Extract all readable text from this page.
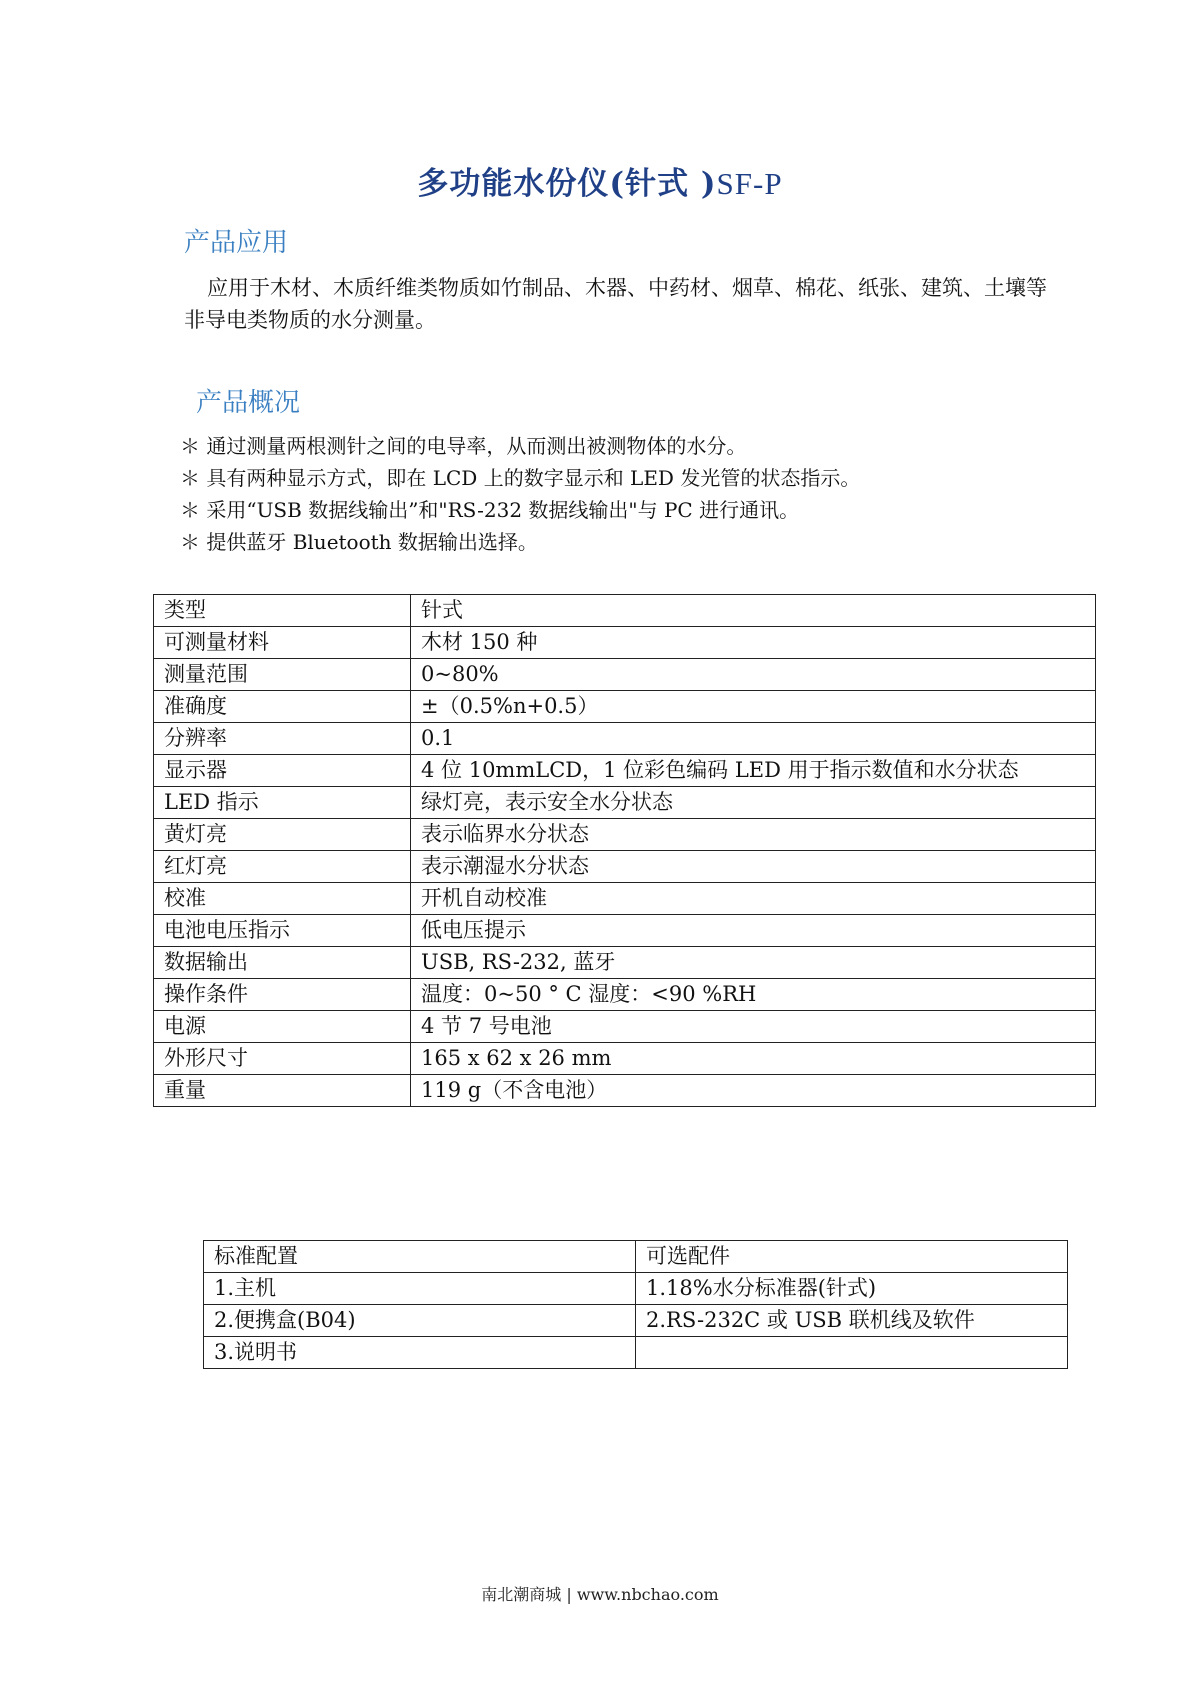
多功能水份仪(针式 )SF-P
产品应用
应用于木材、木质纤维类物质如竹制品、木器、中药材、烟草、棉花、纸张、建筑、土壤等非导电类物质的水分测量。
产品概况
＊ 通过测量两根测针之间的电导率，从而测出被测物体的水分。
＊ 具有两种显示方式，即在 LCD 上的数字显示和 LED 发光管的状态指示。
＊ 采用“USB 数据线输出”和"RS-232 数据线输出"与 PC 进行通讯。
＊ 提供蓝牙 Bluetooth 数据输出选择。
类型	针式
可测量材料	木材 150 种
测量范围	0~80%
准确度	±（0.5%n+0.5）
分辨率	0.1
显示器	4 位 10mmLCD，1 位彩色编码 LED 用于指示数值和水分状态
LED 指示	绿灯亮，表示安全水分状态
黄灯亮	表示临界水分状态
红灯亮	表示潮湿水分状态
校准	开机自动校准
电池电压指示	低电压提示
数据输出	USB, RS-232, 蓝牙
操作条件	温度：0~50 ° C 湿度：<90 %RH
电源	4 节 7 号电池
外形尺寸	165 x 62 x 26 mm
重量	119 g（不含电池）
标准配置	可选配件
1.主机	1.18%水分标准器(针式)
2.便携盒(B04)	2.RS-232C 或 USB 联机线及软件
3.说明书	
南北潮商城 | www.nbchao.com
